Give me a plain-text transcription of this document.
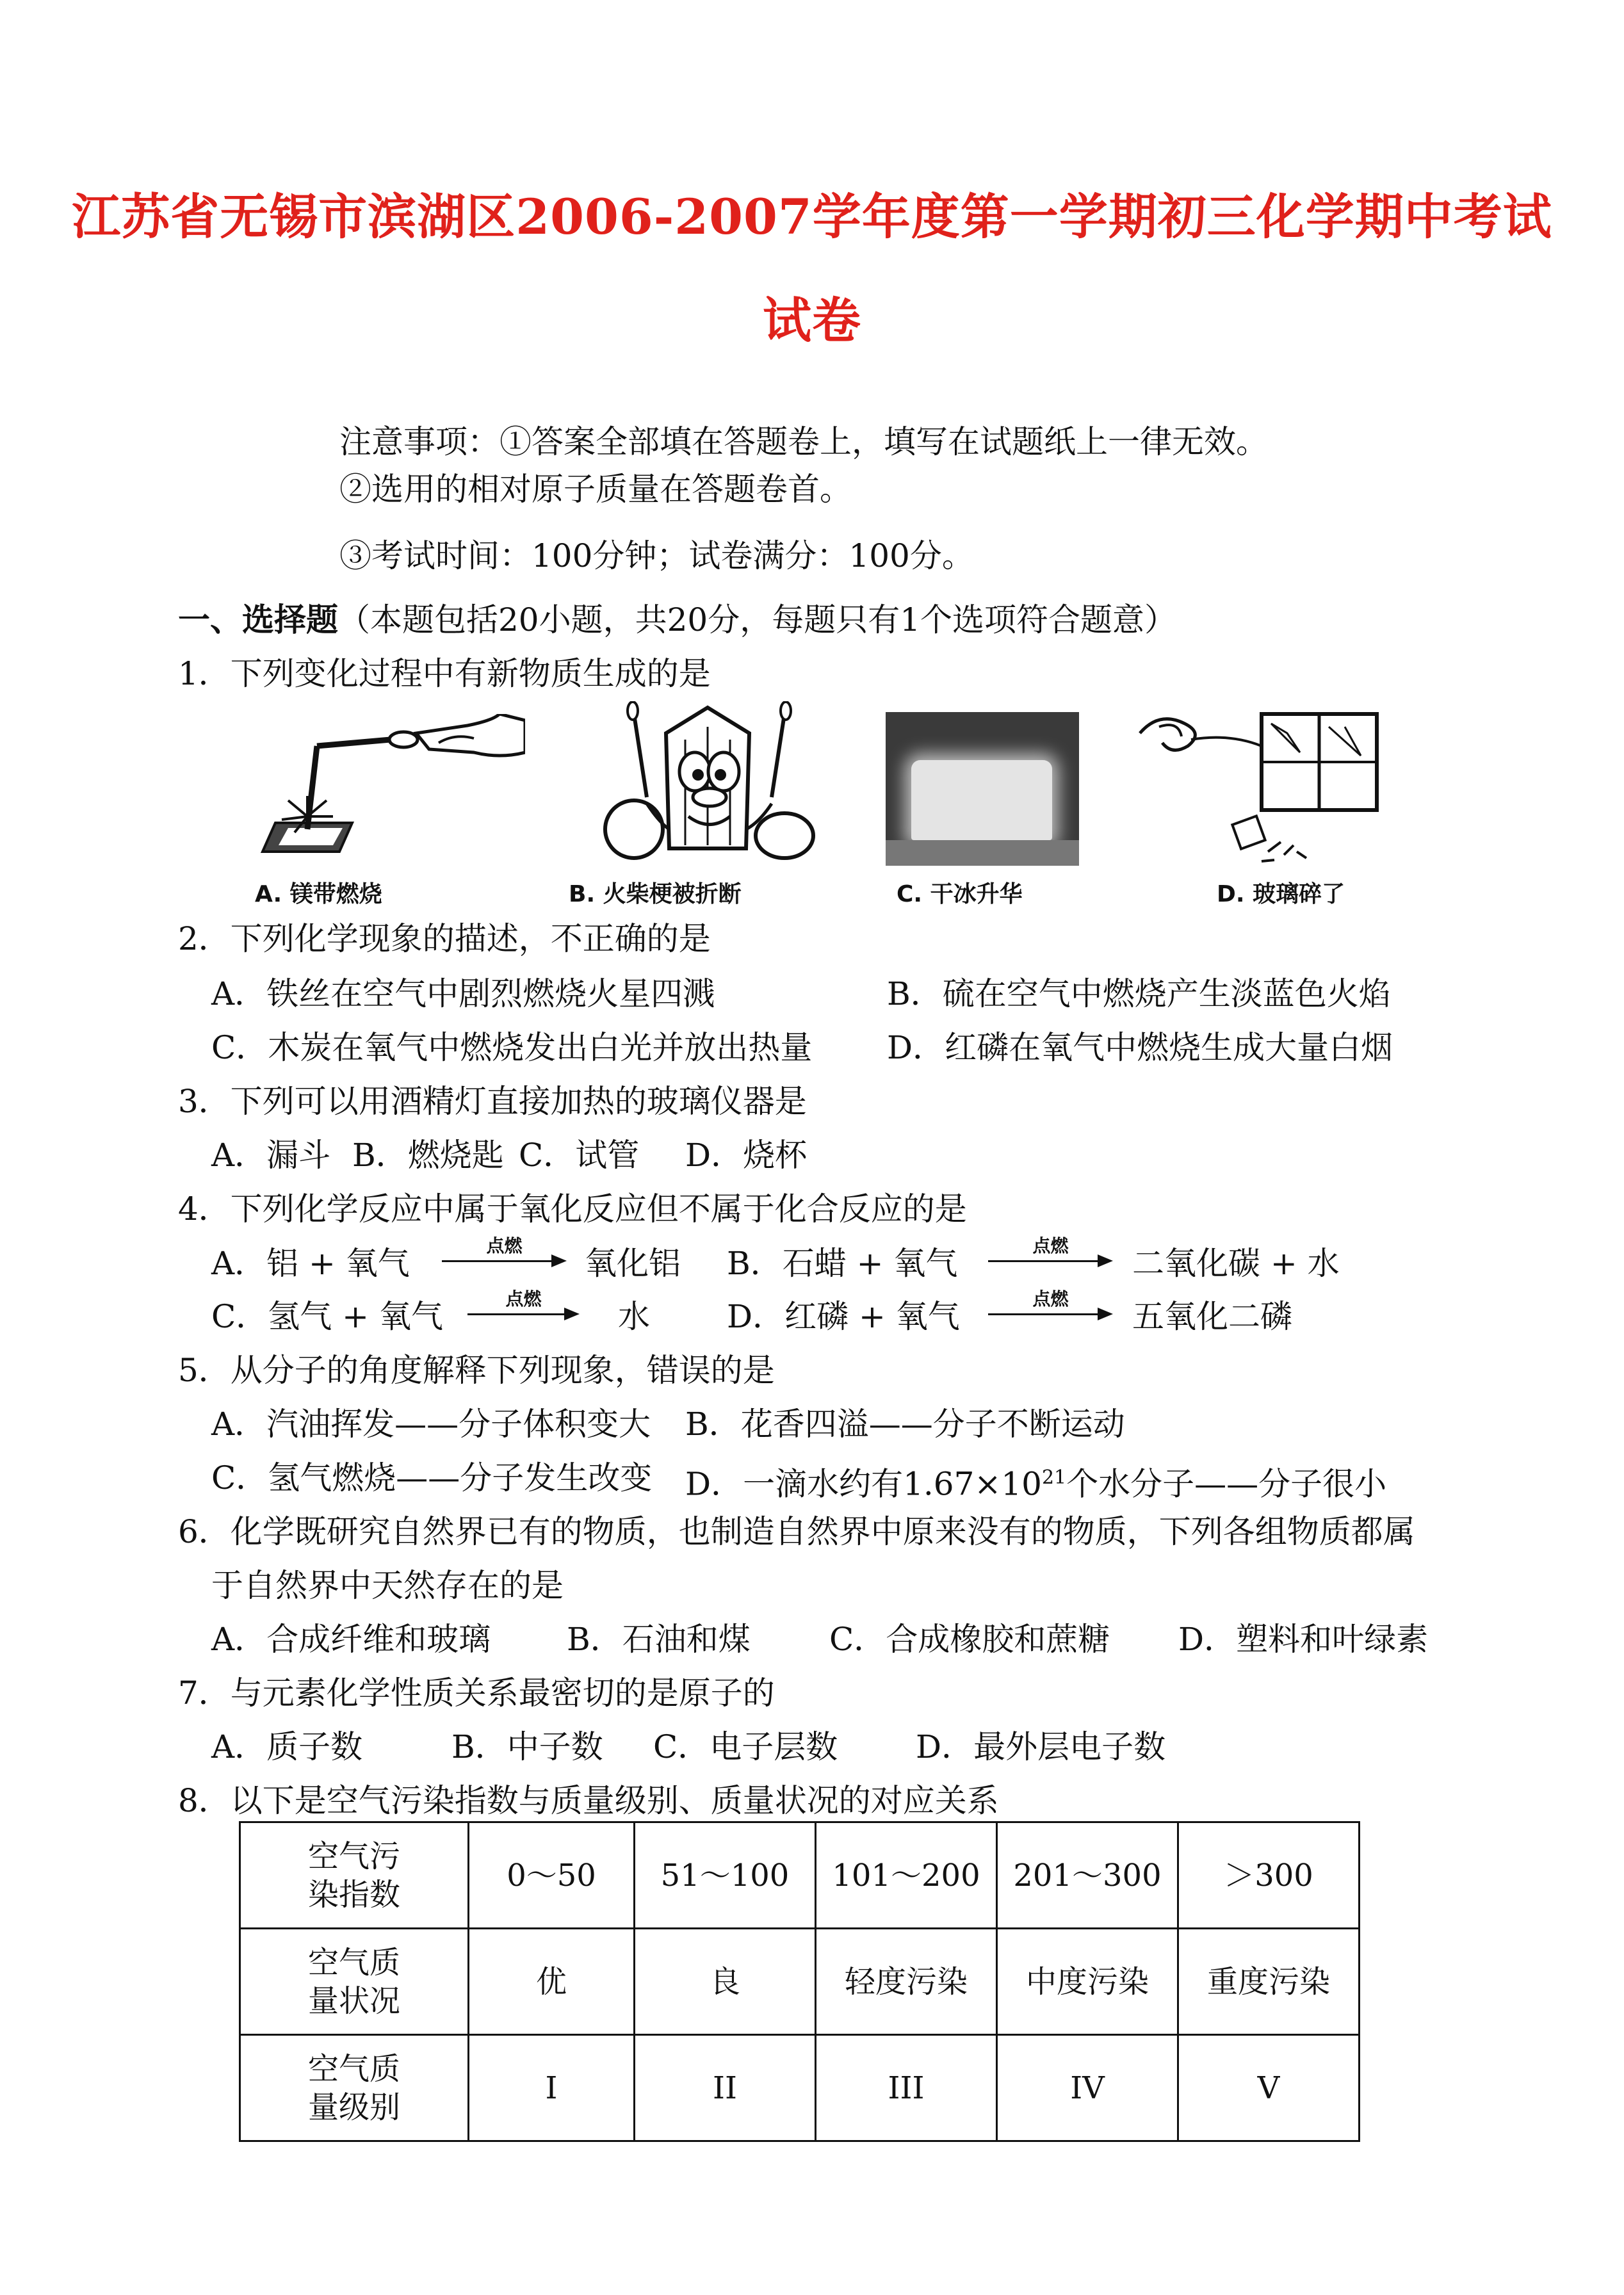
江苏省无锡市滨湖区2006-2007学年度第一学期初三化学期中考试
试卷
注意事项：①答案全部填在答题卷上，填写在试题纸上一律无效。
②选用的相对原子质量在答题卷首。
③考试时间：100分钟；试卷满分：100分。
一、选择题（本题包括20小题，共20分，每题只有1个选项符合题意）
1．下列变化过程中有新物质生成的是
A. 镁带燃烧	B. 火柴梗被折断	C. 干冰升华	D. 玻璃碎了
2．下列化学现象的描述，不正确的是
A．铁丝在空气中剧烈燃烧火星四溅	B．硫在空气中燃烧产生淡蓝色火焰
C．木炭在氧气中燃烧发出白光并放出热量 D．红磷在氧气中燃烧生成大量白烟
3．下列可以用酒精灯直接加热的玻璃仪器是
A．漏斗 B．燃烧匙 C．试管 D．烧杯
4．下列化学反应中属于氧化反应但不属于化合反应的是
A．铝 + 氧气	点燃	氧化铝 B．石蜡 + 氧气	点燃	二氧化碳 + 水
C．氢气 + 氧气	点燃	水 D．红磷 + 氧气	点燃	五氧化二磷
5．从分子的角度解释下列现象，错误的是
A．汽油挥发——分子体积变大 B．花香四溢——分子不断运动
C．氢气燃烧——分子发生改变 D．一滴水约有$1.67\times 10^{21}$个水分子——分子很小
6．化学既研究自然界已有的物质，也制造自然界中原来没有的物质，下列各组物质都属
于自然界中天然存在的是
A．合成纤维和玻璃 B．石油和煤 C．合成橡胶和蔗糖 D．塑料和叶绿素
7．与元素化学性质关系最密切的是原子的
A．质子数	B．中子数 C．电子层数 D．最外层电子数
8．以下是空气污染指数与质量级别、质量状况的对应关系
空气污染指数	0～50	51～100	101～200	201～300	＞300

空气质量状况	优	良	轻度污染	中度污染	重度污染

空气质量级别	I	II	III	IV	V
